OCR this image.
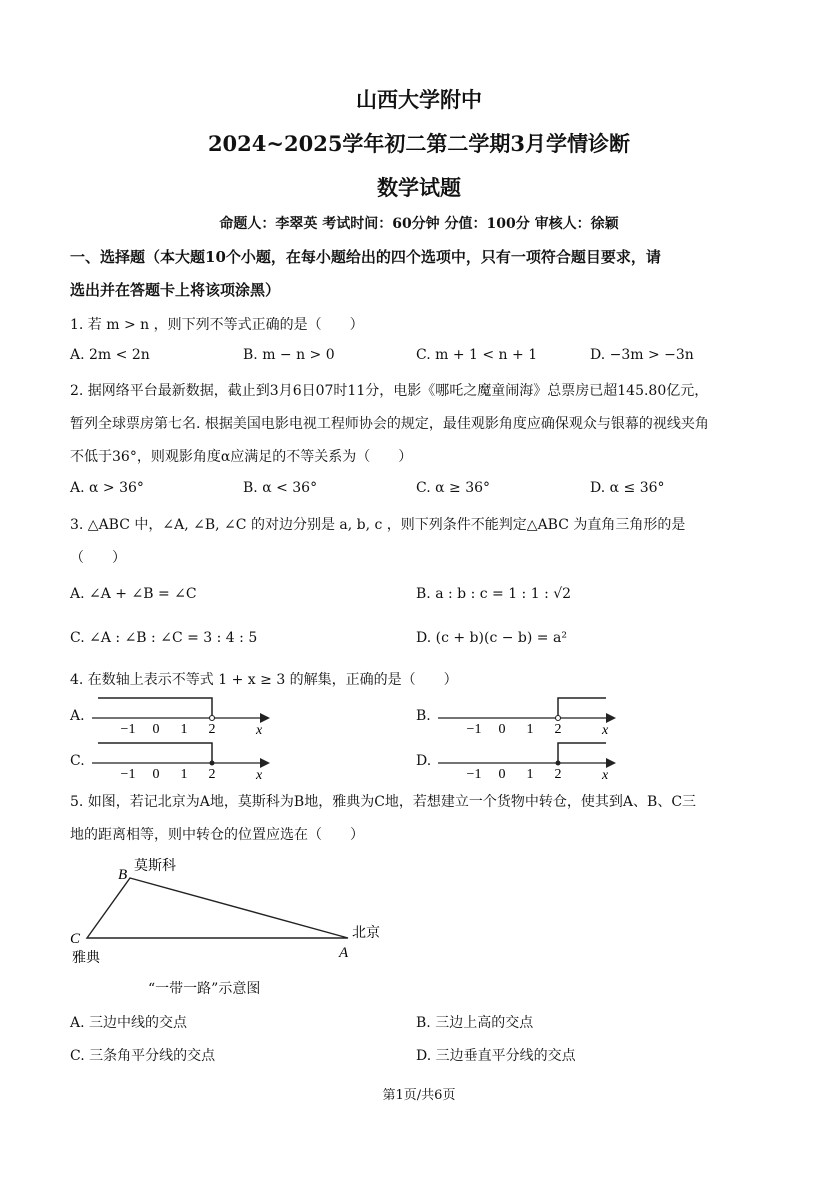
山西大学附中
2024~2025学年初二第二学期3月学情诊断
数学试题
命题人：李翠英 考试时间：60分钟 分值：100分 审核人：徐颖
一、选择题（本大题10个小题，在每小题给出的四个选项中，只有一项符合题目要求，请
选出并在答题卡上将该项涂黑）
1. 若 m > n ，则下列不等式正确的是（　　）
A. 2m < 2n	B. m − n > 0	C. m + 1 < n + 1	D. −3m > −3n
2. 据网络平台最新数据，截止到3月6日07时11分，电影《哪吒之魔童闹海》总票房已超145.80亿元，
暂列全球票房第七名. 根据美国电影电视工程师协会的规定，最佳观影角度应确保观众与银幕的视线夹角
不低于36°，则观影角度α应满足的不等关系为（　　）
A. α > 36°	B. α < 36°	C. α ≥ 36°	D. α ≤ 36°
3. △ABC 中，∠A, ∠B, ∠C 的对边分别是 a, b, c ，则下列条件不能判定△ABC 为直角三角形的是
（　　）
A. ∠A + ∠B = ∠C	B. a : b : c = 1 : 1 : √2
C. ∠A : ∠B : ∠C = 3 : 4 : 5	D. (c + b)(c − b) = a²
4. 在数轴上表示不等式 1 + x ≥ 3 的解集，正确的是（　　）
A.
−1 0 1 2	x
B.
−1 0 1 2	x
C.
−1 0 1 2	x
D.
−1 0 1 2	x
5. 如图，若记北京为A地，莫斯科为B地，雅典为C地，若想建立一个货物中转仓，使其到A、B、C三
地的距离相等，则中转仓的位置应选在（　　）
B
莫斯科
C
雅典	A
北京
“一带一路”示意图
A. 三边中线的交点	B. 三边上高的交点
C. 三条角平分线的交点	D. 三边垂直平分线的交点
第1页/共6页
